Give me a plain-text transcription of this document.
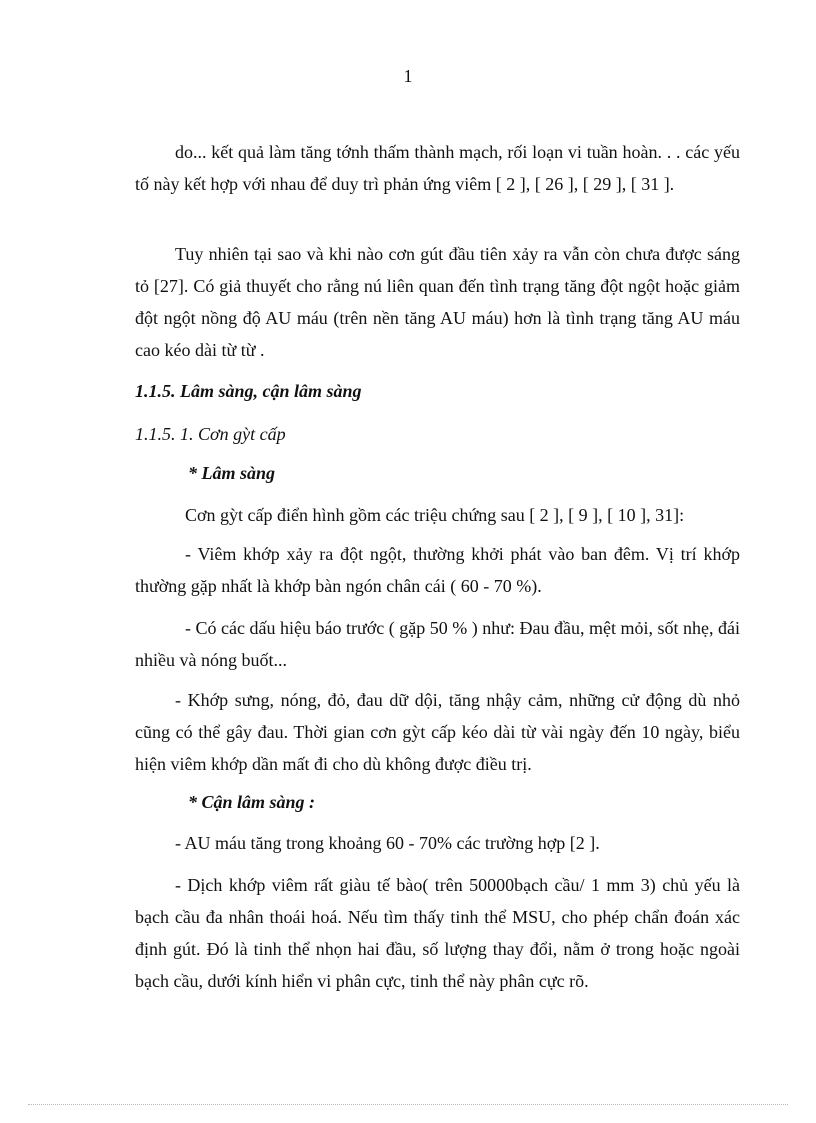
1
do... kết quả làm tăng tớnh thấm thành mạch, rối loạn vi tuần hoàn. . . các yếu tố này kết hợp với nhau để duy trì phản ứng viêm [ 2 ], [ 26 ], [ 29 ], [ 31 ].
Tuy nhiên tại sao và khi nào cơn gút đầu tiên xảy ra vẫn còn chưa được sáng tỏ [27]. Có giả thuyết cho rằng nú liên quan đến tình trạng tăng đột ngột hoặc giảm đột ngột nồng độ AU máu (trên nền tăng AU máu) hơn là tình trạng tăng AU máu cao kéo dài từ từ .
1.1.5. Lâm sàng, cận lâm sàng
1.1.5. 1. Cơn gỳt cấp
* Lâm sàng
Cơn gỳt cấp điển hình gồm các triệu chứng sau [ 2 ], [ 9 ], [ 10 ], 31]:
- Viêm khớp xảy ra đột ngột, thường khởi phát vào ban đêm. Vị trí khớp thường gặp nhất là khớp bàn ngón chân cái ( 60 - 70 %).
- Có các dấu hiệu báo trước ( gặp 50 % ) như: Đau đầu, mệt mỏi, sốt nhẹ, đái nhiều và nóng buốt...
- Khớp sưng, nóng, đỏ, đau dữ dội, tăng nhậy cảm, những cử động dù nhỏ cũng có thể gây đau. Thời gian cơn gỳt cấp kéo dài từ vài ngày đến 10 ngày, biểu hiện viêm khớp dần mất đi cho dù không được điều trị.
* Cận lâm sàng :
- AU máu tăng trong khoảng 60 - 70% các trường hợp [2 ].
- Dịch khớp viêm rất giàu tế bào( trên 50000bạch cầu/ 1 mm 3) chủ yếu là bạch cầu đa nhân thoái hoá. Nếu tìm thấy tinh thể MSU, cho phép chẩn đoán xác định gút. Đó là tinh thể nhọn hai đầu, số lượng thay đổi, nằm ở trong hoặc ngoài bạch cầu, dưới kính hiển vi phân cực, tinh thể này phân cực rõ.
